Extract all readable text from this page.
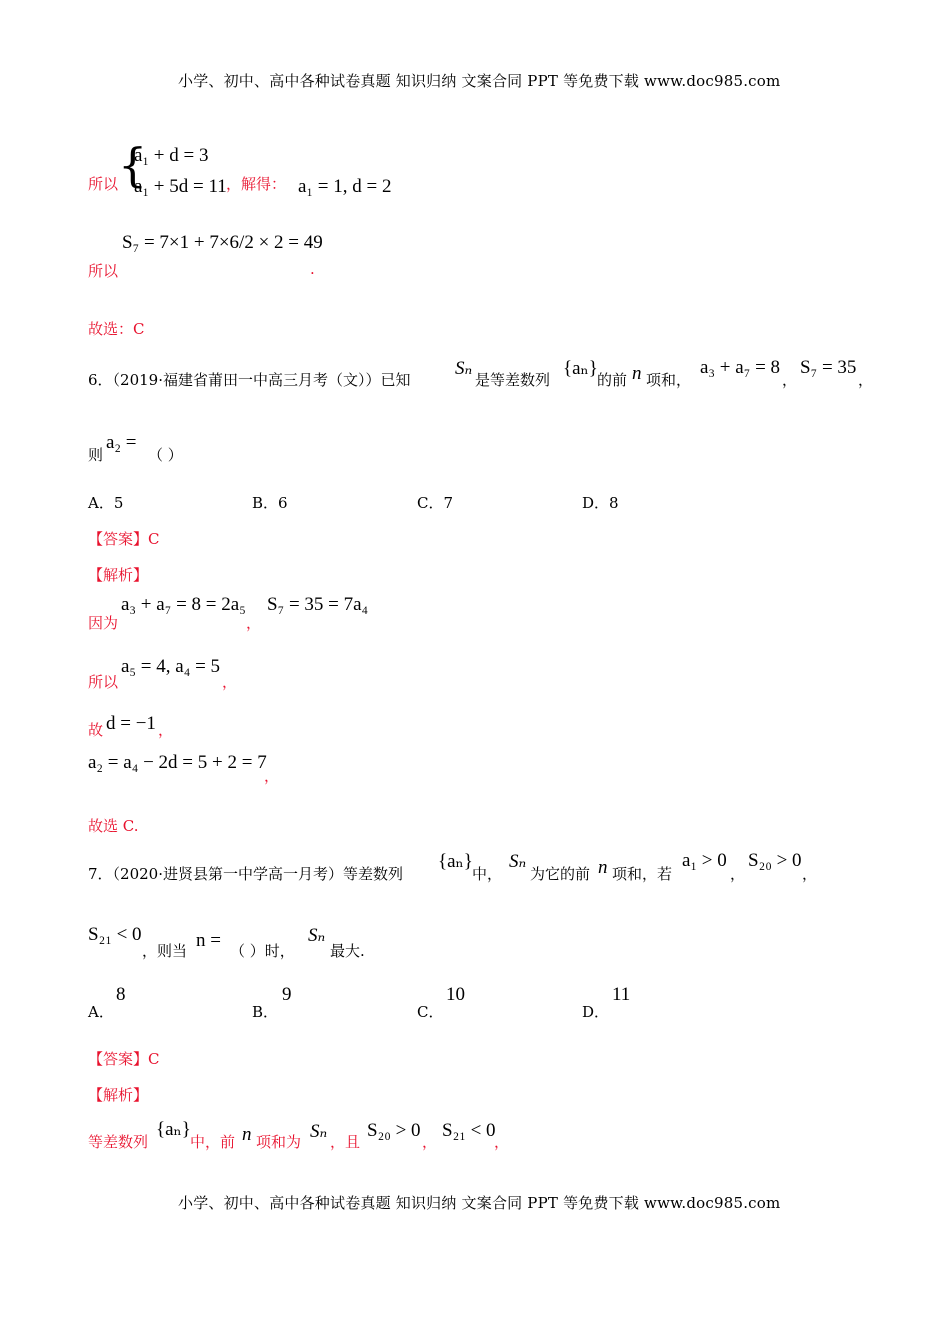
小学、初中、高中各种试卷真题 知识归纳 文案合同 PPT 等免费下载 www.doc985.com
所以 {
a₁ + d = 3
a₁ + 5d = 11 ，解得： a₁ = 1, d = 2
所以
S₇ = 7×1 + 7×6/2 × 2 = 49
.
故选：C
6．（2019·福建省莆田一中高三月考（文））已知
Sₙ
是等差数列
{aₙ}
的前 n 项和，
a₃ + a₇ = 8
，
S₇ = 35
，
则
a₂ =
（ ）
A．5	B．6	C．7	D．8
【答案】C
【解析】
因为
a₃ + a₇ = 8 = 2a₅
，
S₇ = 35 = 7a₄
所以
a₅ = 4, a₄ = 5
，
故 d = −1 ，
a₂ = a₄ − 2d = 5 + 2 = 7
，
故选 C.
7．（2020·进贤县第一中学高一月考）等差数列
{aₙ}
中，
Sₙ
为它的前 n 项和，若
a₁ > 0
，
S₂₀ > 0
，
S₂₁ < 0
，则当 n = （ ）时，
Sₙ
最大.
A．
8
B．
9
C．
10
D．
11
【答案】C
【解析】
等差数列
{aₙ}
中，前 n 项和为 Sₙ ，且
S₂₀ > 0
，
S₂₁ < 0
，
小学、初中、高中各种试卷真题 知识归纳 文案合同 PPT 等免费下载 www.doc985.com
